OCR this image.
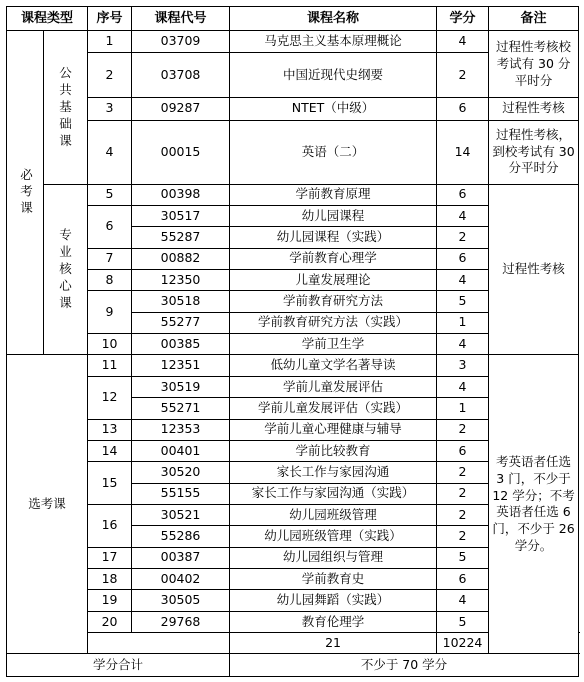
课程类型		序号	课程代号	课程名称	学分	备注	
必考课	公共基础课	1	03709	马克思主义基本原理概论	4	过程性考核校考试有 30 分平时分	
		2	03708	中国近现代史纲要	2		
		3	09287	NTET（中级）	6	过程性考核	
		4	00015	英语（二）	14	过程性考核，到校考试有 30 分平时分	
	专业核心课	5	00398	学前教育原理	6	过程性考核	
		6	30517	幼儿园课程	4		
			55287	幼儿园课程（实践）	2		
		7	00882	学前教育心理学	6		
		8	12350	儿童发展理论	4		
		9	30518	学前教育研究方法	5		
			55277	学前教育研究方法（实践）	1		
		10	00385	学前卫生学	4		
选考课		11	12351	低幼儿童文学名著导读	3	考英语者任选 3 门，不少于 12 学分；不考英语者任选 6 门，不少于 26 学分。	
		12	30519	学前儿童发展评估	4		
			55271	学前儿童发展评估（实践）	1		
		13	12353	学前儿童心理健康与辅导	2		
		14	00401	学前比较教育	6		
		15	30520	家长工作与家园沟通	2		
			55155	家长工作与家园沟通（实践）	2		
		16	30521	幼儿园班级管理	2		
			55286	幼儿园班级管理（实践）	2		
		17	00387	幼儿园组织与管理	5		
		18	00402	学前教育史	6		
		19	30505	幼儿园舞蹈（实践）	4		
		20	29768	教育伦理学	5		
				21	10224	
学分合计				不少于 70 学分			
